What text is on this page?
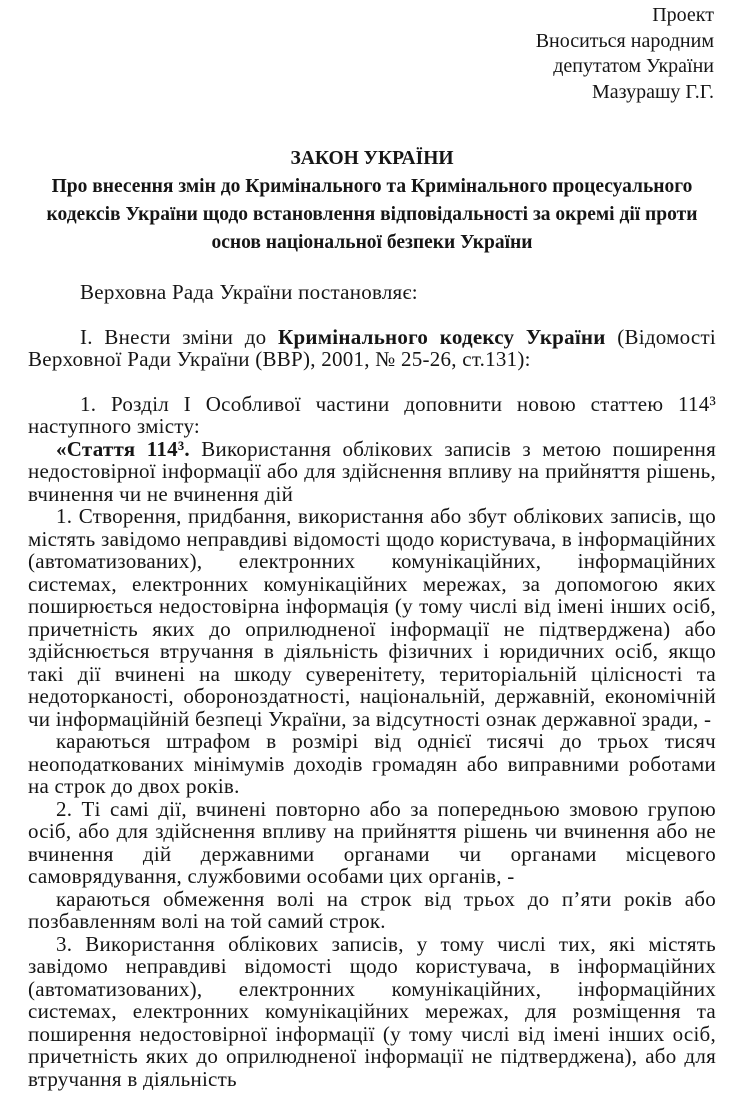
Проект
Вноситься народним
депутатом України
Мазурашу Г.Г.
ЗАКОН УКРАЇНИ
Про внесення змін до Кримінального та Кримінального процесуального кодексів України щодо встановлення відповідальності за окремі дії проти основ національної безпеки України

Верховна Рада України постановляє:

І. Внести зміни до Кримінального кодексу України (Відомості Верховної Ради України (ВВР), 2001, № 25-26, ст.131):

1. Розділ І Особливої частини доповнити новою статтею 114³ наступного змісту:

«Стаття 114³. Використання облікових записів з метою поширення недостовірної інформації або для здійснення впливу на прийняття рішень, вчинення чи не вчинення дій

1. Створення, придбання, використання або збут облікових записів, що містять завідомо неправдиві відомості щодо користувача, в інформаційних (автоматизованих), електронних комунікаційних, інформаційних системах, електронних комунікаційних мережах, за допомогою яких поширюється недостовірна інформація (у тому числі від імені інших осіб, причетність яких до оприлюдненої інформації не підтверджена) або здійснюється втручання в діяльність фізичних і юридичних осіб, якщо такі дії вчинені на шкоду суверенітету, територіальній цілісності та недоторканості, обороноздатності, національній, державній, економічній чи інформаційній безпеці України, за відсутності ознак державної зради, -

караються штрафом в розмірі від однієї тисячі до трьох тисяч неоподаткованих мінімумів доходів громадян або виправними роботами на строк до двох років.

2. Ті самі дії, вчинені повторно або за попередньою змовою групою осіб, або для здійснення впливу на прийняття рішень чи вчинення або не вчинення дій державними органами чи органами місцевого самоврядування, службовими особами цих органів, -

караються обмеження волі на строк від трьох до п’яти років або позбавленням волі на той самий строк.

3. Використання облікових записів, у тому числі тих, які містять завідомо неправдиві відомості щодо користувача, в інформаційних (автоматизованих), електронних комунікаційних, інформаційних системах, електронних комунікаційних мережах, для розміщення та поширення недостовірної інформації (у тому числі від імені інших осіб, причетність яких до оприлюдненої інформації не підтверджена), або для втручання в діяльність
